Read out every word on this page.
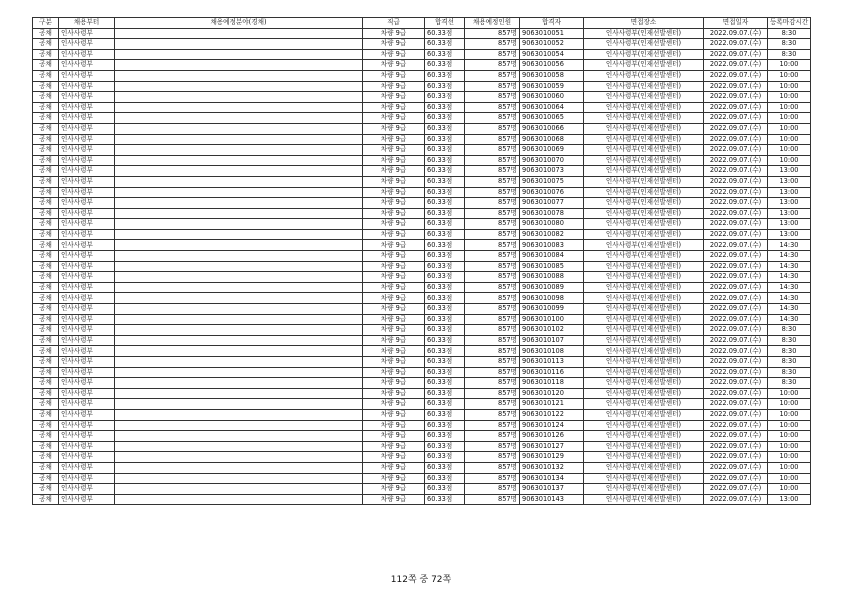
구분	채용부터	채용예정분야(경채)	직급	합격선	채용예정인원	합격자	면접장소	면접일자	등록마감시간
공채	인사사령부		차량 9급	60.33점	857명	9063010051	인사사령부(인재선발센터)	2022.09.07.(수)	8:30
공채	인사사령부		차량 9급	60.33점	857명	9063010052	인사사령부(인재선발센터)	2022.09.07.(수)	8:30
공채	인사사령부		차량 9급	60.33점	857명	9063010054	인사사령부(인재선발센터)	2022.09.07.(수)	8:30
공채	인사사령부		차량 9급	60.33점	857명	9063010056	인사사령부(인재선발센터)	2022.09.07.(수)	10:00
공채	인사사령부		차량 9급	60.33점	857명	9063010058	인사사령부(인재선발센터)	2022.09.07.(수)	10:00
공채	인사사령부		차량 9급	60.33점	857명	9063010059	인사사령부(인재선발센터)	2022.09.07.(수)	10:00
공채	인사사령부		차량 9급	60.33점	857명	9063010060	인사사령부(인재선발센터)	2022.09.07.(수)	10:00
공채	인사사령부		차량 9급	60.33점	857명	9063010064	인사사령부(인재선발센터)	2022.09.07.(수)	10:00
공채	인사사령부		차량 9급	60.33점	857명	9063010065	인사사령부(인재선발센터)	2022.09.07.(수)	10:00
공채	인사사령부		차량 9급	60.33점	857명	9063010066	인사사령부(인재선발센터)	2022.09.07.(수)	10:00
공채	인사사령부		차량 9급	60.33점	857명	9063010068	인사사령부(인재선발센터)	2022.09.07.(수)	10:00
공채	인사사령부		차량 9급	60.33점	857명	9063010069	인사사령부(인재선발센터)	2022.09.07.(수)	10:00
공채	인사사령부		차량 9급	60.33점	857명	9063010070	인사사령부(인재선발센터)	2022.09.07.(수)	10:00
공채	인사사령부		차량 9급	60.33점	857명	9063010073	인사사령부(인재선발센터)	2022.09.07.(수)	13:00
공채	인사사령부		차량 9급	60.33점	857명	9063010075	인사사령부(인재선발센터)	2022.09.07.(수)	13:00
공채	인사사령부		차량 9급	60.33점	857명	9063010076	인사사령부(인재선발센터)	2022.09.07.(수)	13:00
공채	인사사령부		차량 9급	60.33점	857명	9063010077	인사사령부(인재선발센터)	2022.09.07.(수)	13:00
공채	인사사령부		차량 9급	60.33점	857명	9063010078	인사사령부(인재선발센터)	2022.09.07.(수)	13:00
공채	인사사령부		차량 9급	60.33점	857명	9063010080	인사사령부(인재선발센터)	2022.09.07.(수)	13:00
공채	인사사령부		차량 9급	60.33점	857명	9063010082	인사사령부(인재선발센터)	2022.09.07.(수)	13:00
공채	인사사령부		차량 9급	60.33점	857명	9063010083	인사사령부(인재선발센터)	2022.09.07.(수)	14:30
공채	인사사령부		차량 9급	60.33점	857명	9063010084	인사사령부(인재선발센터)	2022.09.07.(수)	14:30
공채	인사사령부		차량 9급	60.33점	857명	9063010085	인사사령부(인재선발센터)	2022.09.07.(수)	14:30
공채	인사사령부		차량 9급	60.33점	857명	9063010088	인사사령부(인재선발센터)	2022.09.07.(수)	14:30
공채	인사사령부		차량 9급	60.33점	857명	9063010089	인사사령부(인재선발센터)	2022.09.07.(수)	14:30
공채	인사사령부		차량 9급	60.33점	857명	9063010098	인사사령부(인재선발센터)	2022.09.07.(수)	14:30
공채	인사사령부		차량 9급	60.33점	857명	9063010099	인사사령부(인재선발센터)	2022.09.07.(수)	14:30
공채	인사사령부		차량 9급	60.33점	857명	9063010100	인사사령부(인재선발센터)	2022.09.07.(수)	14:30
공채	인사사령부		차량 9급	60.33점	857명	9063010102	인사사령부(인재선발센터)	2022.09.07.(수)	8:30
공채	인사사령부		차량 9급	60.33점	857명	9063010107	인사사령부(인재선발센터)	2022.09.07.(수)	8:30
공채	인사사령부		차량 9급	60.33점	857명	9063010108	인사사령부(인재선발센터)	2022.09.07.(수)	8:30
공채	인사사령부		차량 9급	60.33점	857명	9063010113	인사사령부(인재선발센터)	2022.09.07.(수)	8:30
공채	인사사령부		차량 9급	60.33점	857명	9063010116	인사사령부(인재선발센터)	2022.09.07.(수)	8:30
공채	인사사령부		차량 9급	60.33점	857명	9063010118	인사사령부(인재선발센터)	2022.09.07.(수)	8:30
공채	인사사령부		차량 9급	60.33점	857명	9063010120	인사사령부(인재선발센터)	2022.09.07.(수)	10:00
공채	인사사령부		차량 9급	60.33점	857명	9063010121	인사사령부(인재선발센터)	2022.09.07.(수)	10:00
공채	인사사령부		차량 9급	60.33점	857명	9063010122	인사사령부(인재선발센터)	2022.09.07.(수)	10:00
공채	인사사령부		차량 9급	60.33점	857명	9063010124	인사사령부(인재선발센터)	2022.09.07.(수)	10:00
공채	인사사령부		차량 9급	60.33점	857명	9063010126	인사사령부(인재선발센터)	2022.09.07.(수)	10:00
공채	인사사령부		차량 9급	60.33점	857명	9063010127	인사사령부(인재선발센터)	2022.09.07.(수)	10:00
공채	인사사령부		차량 9급	60.33점	857명	9063010129	인사사령부(인재선발센터)	2022.09.07.(수)	10:00
공채	인사사령부		차량 9급	60.33점	857명	9063010132	인사사령부(인재선발센터)	2022.09.07.(수)	10:00
공채	인사사령부		차량 9급	60.33점	857명	9063010134	인사사령부(인재선발센터)	2022.09.07.(수)	10:00
공채	인사사령부		차량 9급	60.33점	857명	9063010137	인사사령부(인재선발센터)	2022.09.07.(수)	10:00
공채	인사사령부		차량 9급	60.33점	857명	9063010143	인사사령부(인재선발센터)	2022.09.07.(수)	13:00
112쪽 중 72쪽
